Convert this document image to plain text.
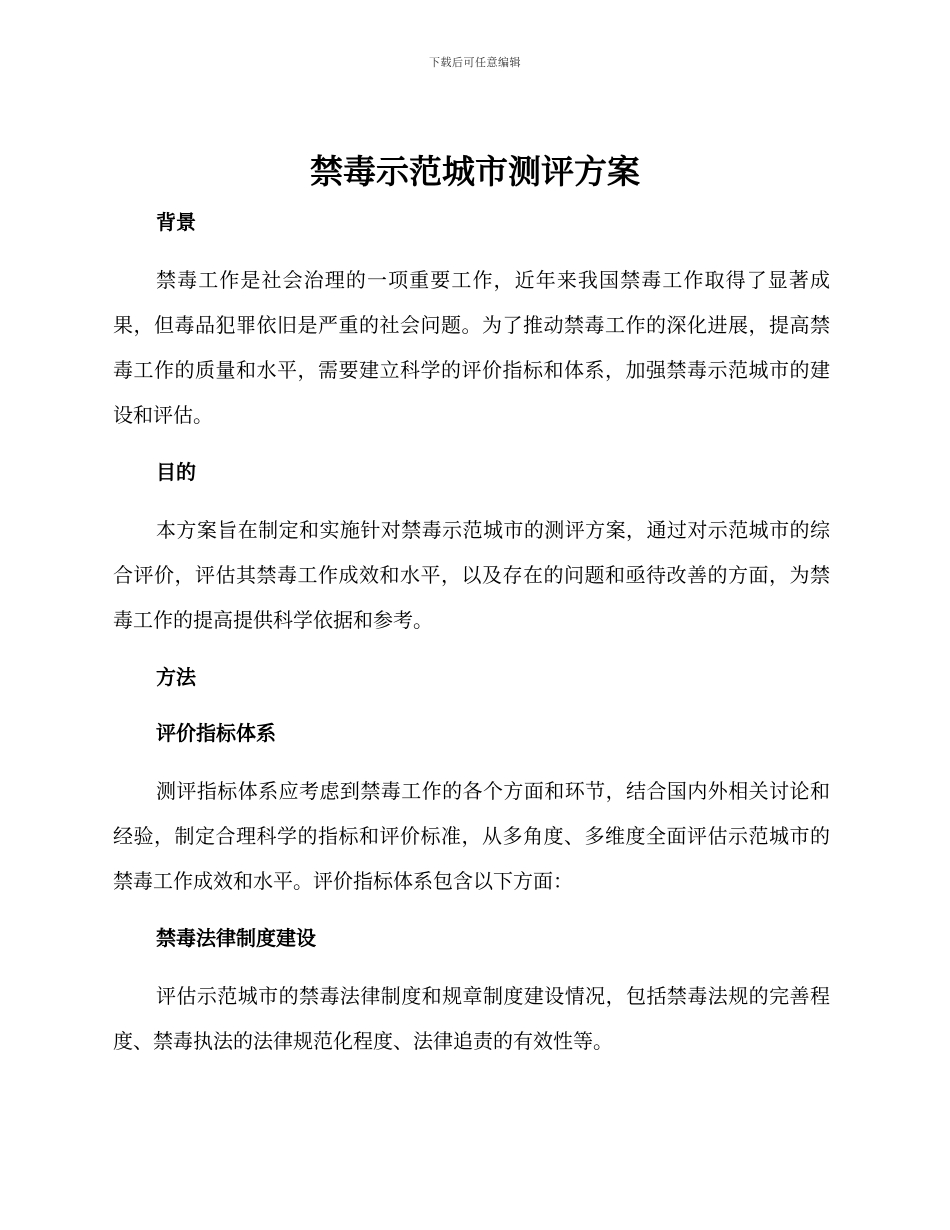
下载后可任意编辑
禁毒示范城市测评方案
背景

禁毒工作是社会治理的一项重要工作，近年来我国禁毒工作取得了显著成果，但毒品犯罪依旧是严重的社会问题。为了推动禁毒工作的深化进展，提高禁毒工作的质量和水平，需要建立科学的评价指标和体系，加强禁毒示范城市的建设和评估。

目的

本方案旨在制定和实施针对禁毒示范城市的测评方案，通过对示范城市的综合评价，评估其禁毒工作成效和水平，以及存在的问题和亟待改善的方面，为禁毒工作的提高提供科学依据和参考。

方法
评价指标体系

测评指标体系应考虑到禁毒工作的各个方面和环节，结合国内外相关讨论和经验，制定合理科学的指标和评价标准，从多角度、多维度全面评估示范城市的禁毒工作成效和水平。评价指标体系包含以下方面：

禁毒法律制度建设

评估示范城市的禁毒法律制度和规章制度建设情况，包括禁毒法规的完善程度、禁毒执法的法律规范化程度、法律追责的有效性等。
